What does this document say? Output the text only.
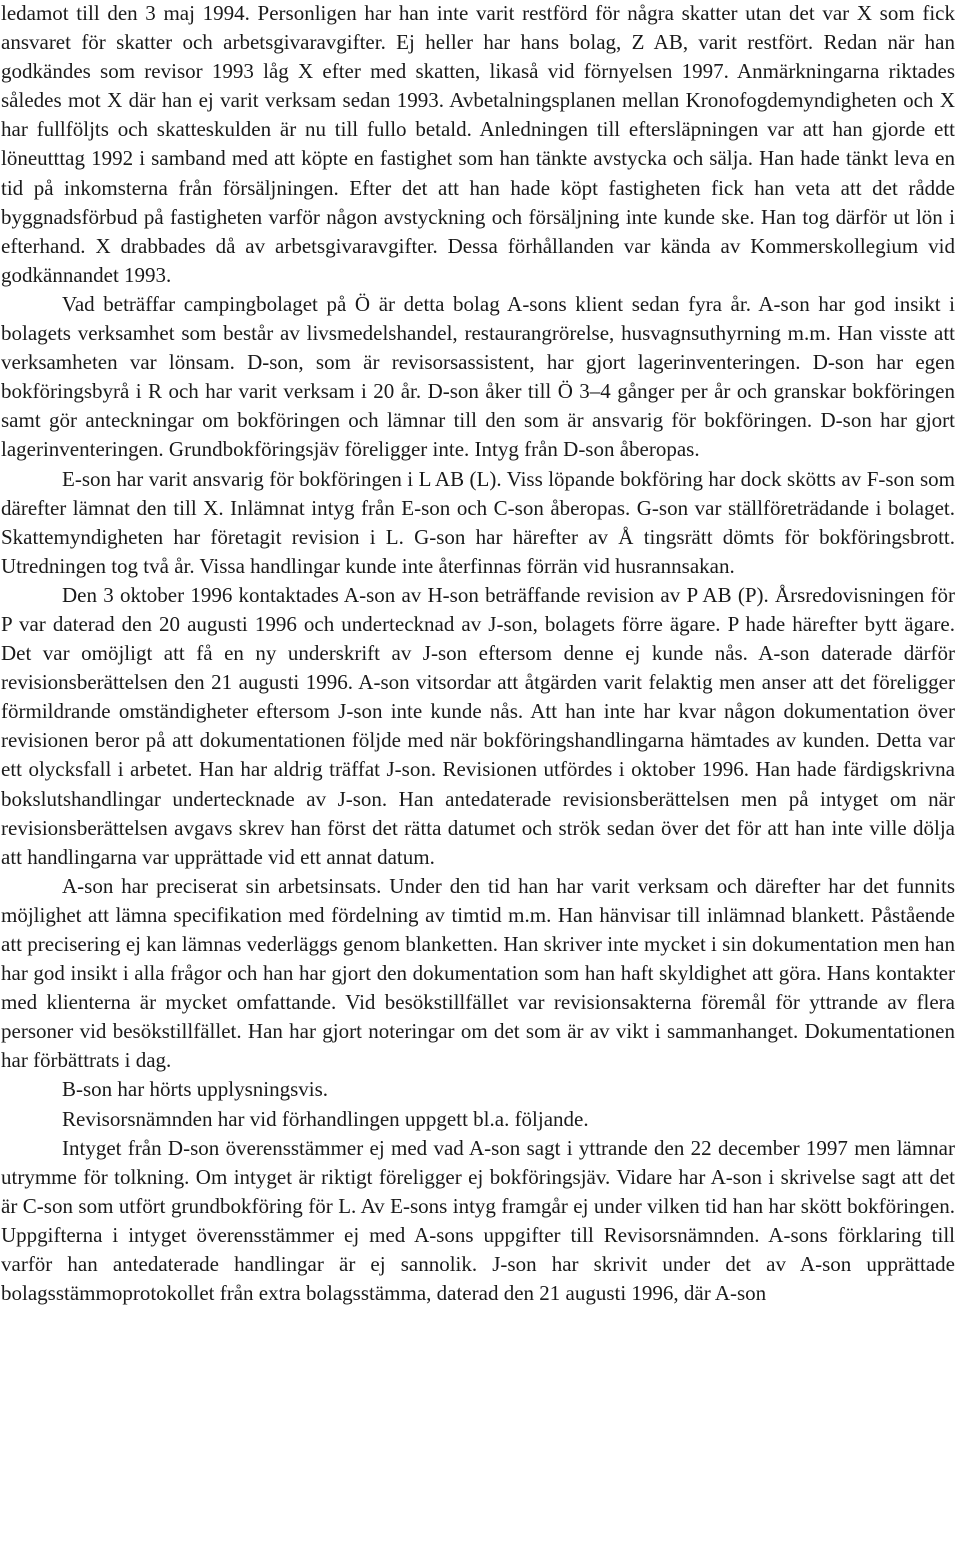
ledamot till den 3 maj 1994. Personligen har han inte varit restförd för några skatter utan det var X som fick ansvaret för skatter och arbetsgivaravgifter. Ej heller har hans bolag, Z AB, varit restfört. Redan när han godkändes som revisor 1993 låg X efter med skatten, likaså vid förnyelsen 1997. Anmärkningarna riktades således mot X där han ej varit verksam sedan 1993. Avbetalningsplanen mellan Kronofogdemyndigheten och X har fullföljts och skatteskulden är nu till fullo betald. Anledningen till eftersläpningen var att han gjorde ett löneutttag 1992 i samband med att köpte en fastighet som han tänkte avstycka och sälja. Han hade tänkt leva en tid på inkomsterna från försäljningen. Efter det att han hade köpt fastigheten fick han veta att det rådde byggnadsförbud på fastigheten varför någon avstyckning och försäljning inte kunde ske. Han tog därför ut lön i efterhand. X drabbades då av arbetsgivaravgifter. Dessa förhållanden var kända av Kommerskollegium vid godkännandet 1993.

Vad beträffar campingbolaget på Ö är detta bolag A-sons klient sedan fyra år. A-son har god insikt i bolagets verksamhet som består av livsmedelshandel, restaurangrörelse, husvagnsuthyrning m.m. Han visste att verksamheten var lönsam. D-son, som är revisorsassistent, har gjort lagerinventeringen. D-son har egen bokföringsbyrå i R och har varit verksam i 20 år. D-son åker till Ö 3–4 gånger per år och granskar bokföringen samt gör anteckningar om bokföringen och lämnar till den som är ansvarig för bokföringen. D-son har gjort lagerinventeringen. Grundbokföringsjäv föreligger inte. Intyg från D-son åberopas.

E-son har varit ansvarig för bokföringen i L AB (L). Viss löpande bokföring har dock skötts av F-son som därefter lämnat den till X. Inlämnat intyg från E-son och C-son åberopas. G-son var ställföreträdande i bolaget. Skattemyndigheten har företagit revision i L. G-son har härefter av Å tingsrätt dömts för bokföringsbrott. Utredningen tog två år. Vissa handlingar kunde inte återfinnas förrän vid husrannsakan.

Den 3 oktober 1996 kontaktades A-son av H-son beträffande revision av P AB (P). Årsredovisningen för P var daterad den 20 augusti 1996 och undertecknad av J-son, bolagets förre ägare. P hade härefter bytt ägare. Det var omöjligt att få en ny underskrift av J-son eftersom denne ej kunde nås. A-son daterade därför revisionsberättelsen den 21 augusti 1996. A-son vitsordar att åtgärden varit felaktig men anser att det föreligger förmildrande omständigheter eftersom J-son inte kunde nås. Att han inte har kvar någon dokumentation över revisionen beror på att dokumentationen följde med när bokföringshandlingarna hämtades av kunden. Detta var ett olycksfall i arbetet. Han har aldrig träffat J-son. Revisionen utfördes i oktober 1996. Han hade färdigskrivna bokslutshandlingar undertecknade av J-son. Han antedaterade revisionsberättelsen men på intyget om när revisionsberättelsen avgavs skrev han först det rätta datumet och strök sedan över det för att han inte ville dölja att handlingarna var upprättade vid ett annat datum.

A-son har preciserat sin arbetsinsats. Under den tid han har varit verksam och därefter har det funnits möjlighet att lämna specifikation med fördelning av timtid m.m. Han hänvisar till inlämnad blankett. Påstående att precisering ej kan lämnas vederläggs genom blanketten. Han skriver inte mycket i sin dokumentation men han har god insikt i alla frågor och han har gjort den dokumentation som han haft skyldighet att göra. Hans kontakter med klienterna är mycket omfattande. Vid besökstillfället var revisionsakterna föremål för yttrande av flera personer vid besökstillfället. Han har gjort noteringar om det som är av vikt i sammanhanget. Dokumentationen har förbättrats i dag.

B-son har hörts upplysningsvis.

Revisorsnämnden har vid förhandlingen uppgett bl.a. följande.

Intyget från D-son överensstämmer ej med vad A-son sagt i yttrande den 22 december 1997 men lämnar utrymme för tolkning. Om intyget är riktigt föreligger ej bokföringsjäv. Vidare har A-son i skrivelse sagt att det är C-son som utfört grundbokföring för L. Av E-sons intyg framgår ej under vilken tid han har skött bokföringen. Uppgifterna i intyget överensstämmer ej med A-sons uppgifter till Revisorsnämnden. A-sons förklaring till varför han antedaterade handlingar är ej sannolik. J-son har skrivit under det av A-son upprättade bolagsstämmoprotokollet från extra bolagsstämma, daterad den 21 augusti 1996, där A-son
